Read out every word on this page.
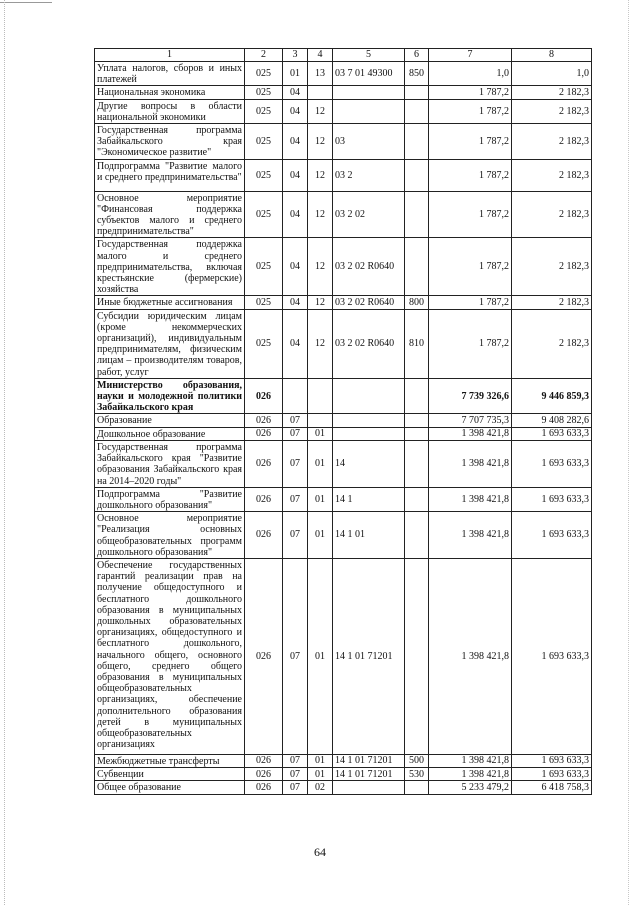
1	2	3	4	5	6	7	8
Уплата налогов, сборов и иных платежей	025	01	13	03 7 01 49300	850	1,0	1,0
Национальная экономика	025	04				1 787,2	2 182,3
Другие вопросы в области национальной экономики	025	04	12			1 787,2	2 182,3
Государственная программа Забайкальского края "Экономическое развитие"	025	04	12	03		1 787,2	2 182,3
Подпрограмма "Развитие малого и среднего предпринимательства"	025	04	12	03 2		1 787,2	2 182,3
Основное мероприятие "Финансовая поддержка субъектов малого и среднего предпринимательства"	025	04	12	03 2 02		1 787,2	2 182,3
Государственная поддержка малого и среднего предпринимательства, включая крестьянские (фермерские) хозяйства	025	04	12	03 2 02 R0640		1 787,2	2 182,3
Иные бюджетные ассигнования	025	04	12	03 2 02 R0640	800	1 787,2	2 182,3
Субсидии юридическим лицам (кроме некоммерческих организаций), индивидуальным предпринимателям, физическим лицам – производителям товаров, работ, услуг	025	04	12	03 2 02 R0640	810	1 787,2	2 182,3
Министерство образования, науки и молодежной политики Забайкальского края	026					7 739 326,6	9 446 859,3
Образование	026	07				7 707 735,3	9 408 282,6
Дошкольное образование	026	07	01			1 398 421,8	1 693 633,3
Государственная программа Забайкальского края "Развитие образования Забайкальского края на 2014–2020 годы"	026	07	01	14		1 398 421,8	1 693 633,3
Подпрограмма "Развитие дошкольного образования"	026	07	01	14 1		1 398 421,8	1 693 633,3
Основное мероприятие "Реализация основных общеобразовательных программ дошкольного образования"	026	07	01	14 1 01		1 398 421,8	1 693 633,3
Обеспечение государственных гарантий реализации прав на получение общедоступного и бесплатного дошкольного образования в муниципальных дошкольных образовательных организациях, общедоступного и бесплатного дошкольного, начального общего, основного общего, среднего общего образования в муниципальных общеобразовательных организациях, обеспечение дополнительного образования детей в муниципальных общеобразовательных организациях	026	07	01	14 1 01 71201		1 398 421,8	1 693 633,3
Межбюджетные трансферты	026	07	01	14 1 01 71201	500	1 398 421,8	1 693 633,3
Субвенции	026	07	01	14 1 01 71201	530	1 398 421,8	1 693 633,3
Общее образование	026	07	02			5 233 479,2	6 418 758,3
64
